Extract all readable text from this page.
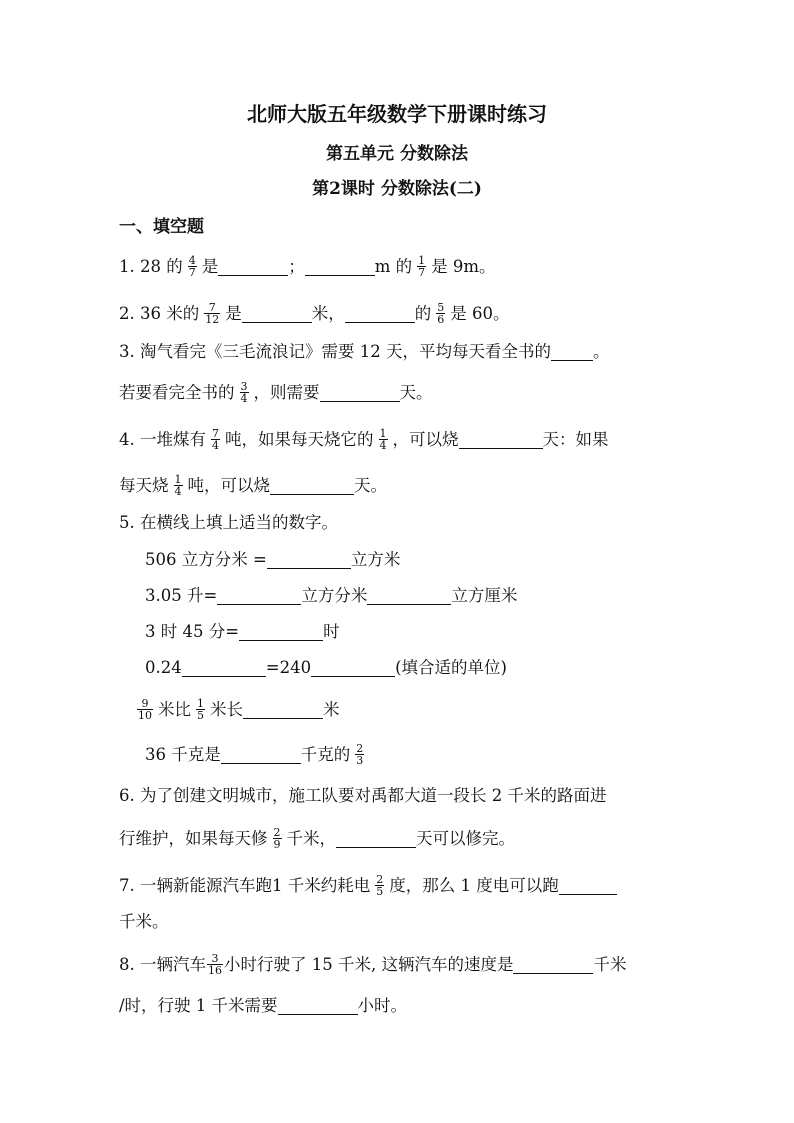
北师大版五年级数学下册课时练习
第五单元 分数除法
第2课时 分数除法(二)
一、填空题
1. 28 的 $\frac{4}{7}$ 是	；	m 的 $\frac{1}{7}$ 是 9m。
2. 36 米的 $\frac{7}{12}$ 是	米，	的 $\frac{5}{6}$ 是 60。
3. 淘气看完《三毛流浪记》需要 12 天，平均每天看全书的	。
若要看完全书的 $\frac{3}{4}$ ，则需要	天。
4. 一堆煤有 $\frac{7}{4}$ 吨，如果每天烧它的 $\frac{1}{4}$ ，可以烧	天：如果
每天烧 $\frac{1}{4}$ 吨，可以烧	天。
5. 在横线上填上适当的数字。
506 立方分米 =	立方米
3.05 升=	立方分米	立方厘米
3 时 45 分=	时
0.24	=240	(填合适的单位)
$\frac{9}{10}$ 米比 $\frac{1}{5}$ 米长	米
36 千克是	千克的 $\frac{2}{3}$
6. 为了创建文明城市，施工队要对禹都大道一段长 2 千米的路面进
行维护，如果每天修 $\frac{2}{9}$ 千米，	天可以修完。
7. 一辆新能源汽车跑1 千米约耗电 $\frac{2}{5}$ 度，那么 1 度电可以跑
千米。
8. 一辆汽车 $\frac{3}{16}$ 小时行驶了 15 千米, 这辆汽车的速度是	千米
/时，行驶 1 千米需要	小时。
